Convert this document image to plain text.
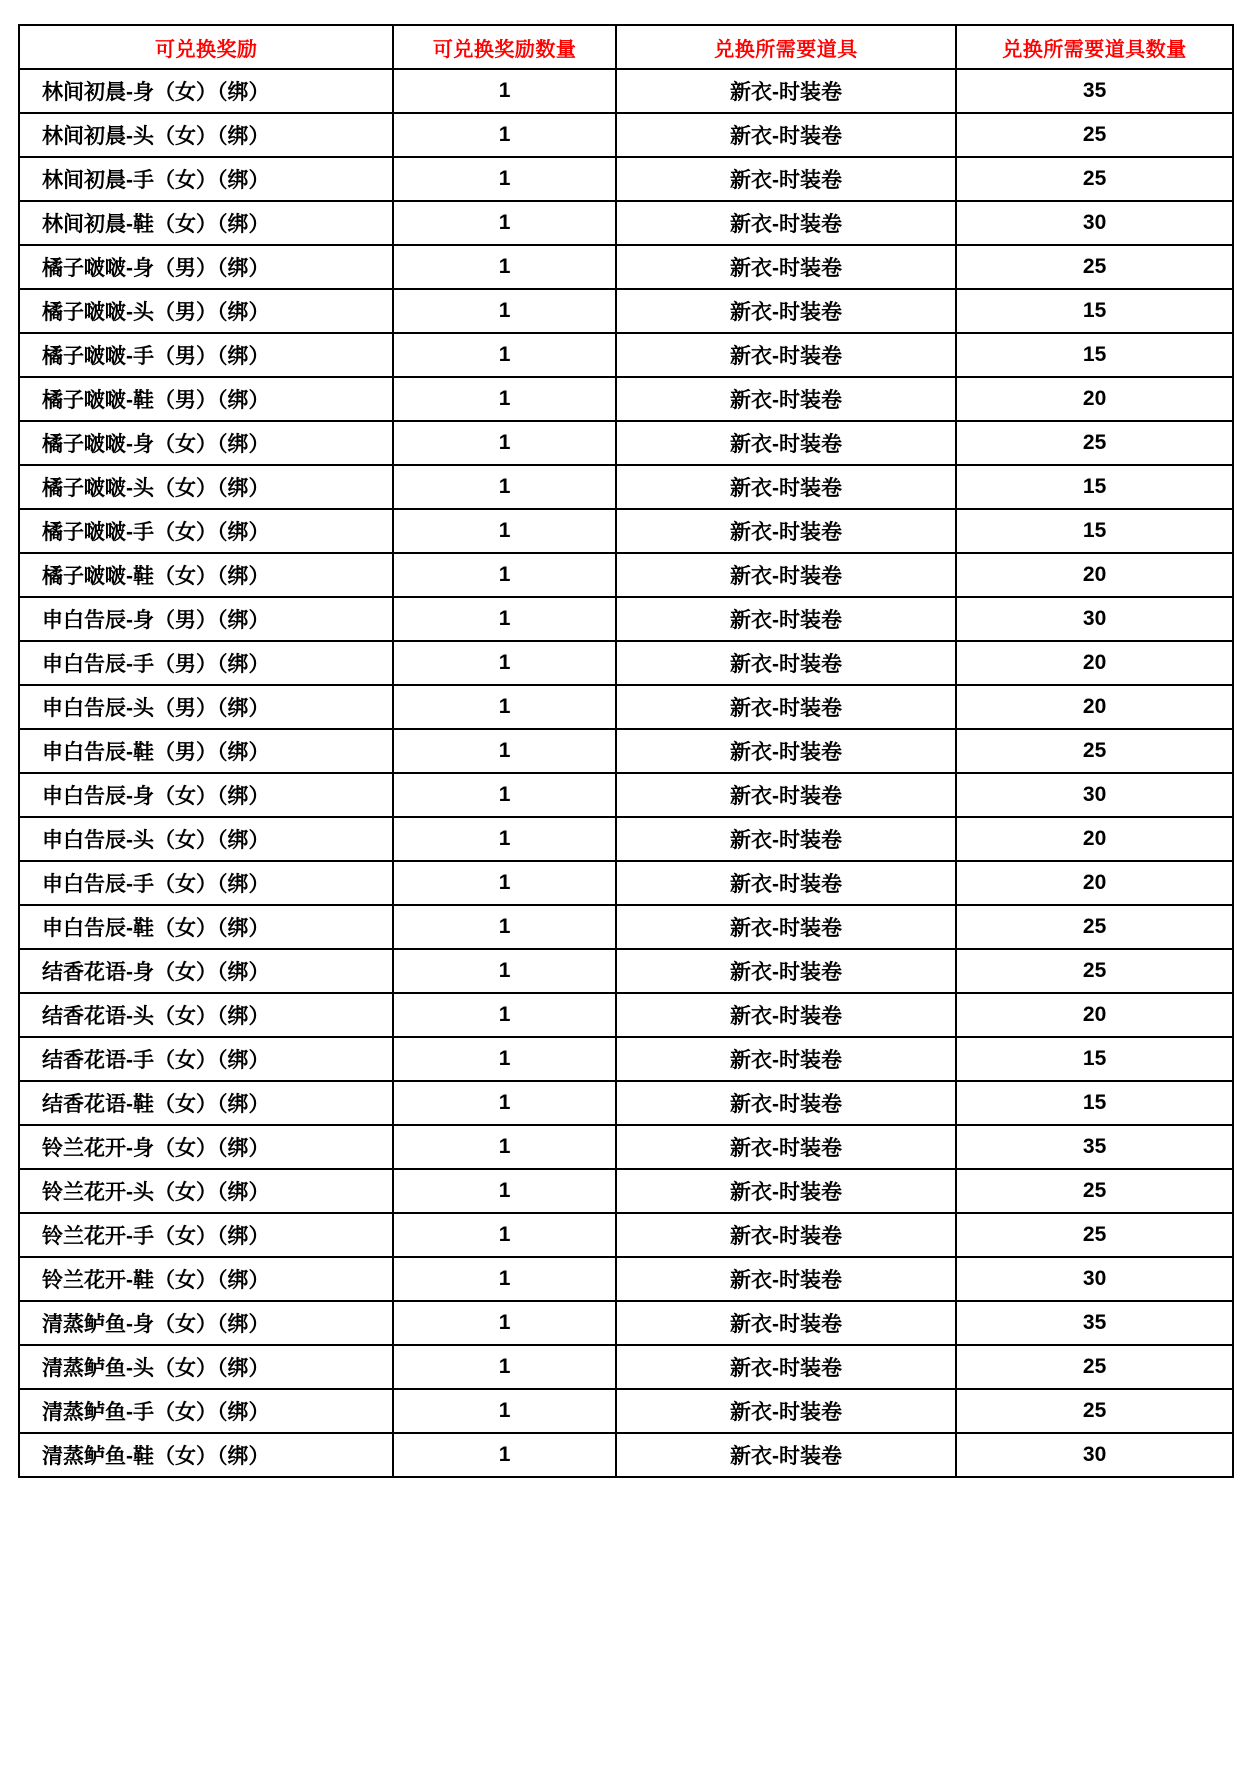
可兑换奖励	可兑换奖励数量	兑换所需要道具	兑换所需要道具数量
林间初晨-身（女）（绑）	1	新衣-时装卷	35
林间初晨-头（女）（绑）	1	新衣-时装卷	25
林间初晨-手（女）（绑）	1	新衣-时装卷	25
林间初晨-鞋（女）（绑）	1	新衣-时装卷	30
橘子啵啵-身（男）（绑）	1	新衣-时装卷	25
橘子啵啵-头（男）（绑）	1	新衣-时装卷	15
橘子啵啵-手（男）（绑）	1	新衣-时装卷	15
橘子啵啵-鞋（男）（绑）	1	新衣-时装卷	20
橘子啵啵-身（女）（绑）	1	新衣-时装卷	25
橘子啵啵-头（女）（绑）	1	新衣-时装卷	15
橘子啵啵-手（女）（绑）	1	新衣-时装卷	15
橘子啵啵-鞋（女）（绑）	1	新衣-时装卷	20
申白告辰-身（男）（绑）	1	新衣-时装卷	30
申白告辰-手（男）（绑）	1	新衣-时装卷	20
申白告辰-头（男）（绑）	1	新衣-时装卷	20
申白告辰-鞋（男）（绑）	1	新衣-时装卷	25
申白告辰-身（女）（绑）	1	新衣-时装卷	30
申白告辰-头（女）（绑）	1	新衣-时装卷	20
申白告辰-手（女）（绑）	1	新衣-时装卷	20
申白告辰-鞋（女）（绑）	1	新衣-时装卷	25
结香花语-身（女）（绑）	1	新衣-时装卷	25
结香花语-头（女）（绑）	1	新衣-时装卷	20
结香花语-手（女）（绑）	1	新衣-时装卷	15
结香花语-鞋（女）（绑）	1	新衣-时装卷	15
铃兰花开-身（女）（绑）	1	新衣-时装卷	35
铃兰花开-头（女）（绑）	1	新衣-时装卷	25
铃兰花开-手（女）（绑）	1	新衣-时装卷	25
铃兰花开-鞋（女）（绑）	1	新衣-时装卷	30
清蒸鲈鱼-身（女）（绑）	1	新衣-时装卷	35
清蒸鲈鱼-头（女）（绑）	1	新衣-时装卷	25
清蒸鲈鱼-手（女）（绑）	1	新衣-时装卷	25
清蒸鲈鱼-鞋（女）（绑）	1	新衣-时装卷	30
